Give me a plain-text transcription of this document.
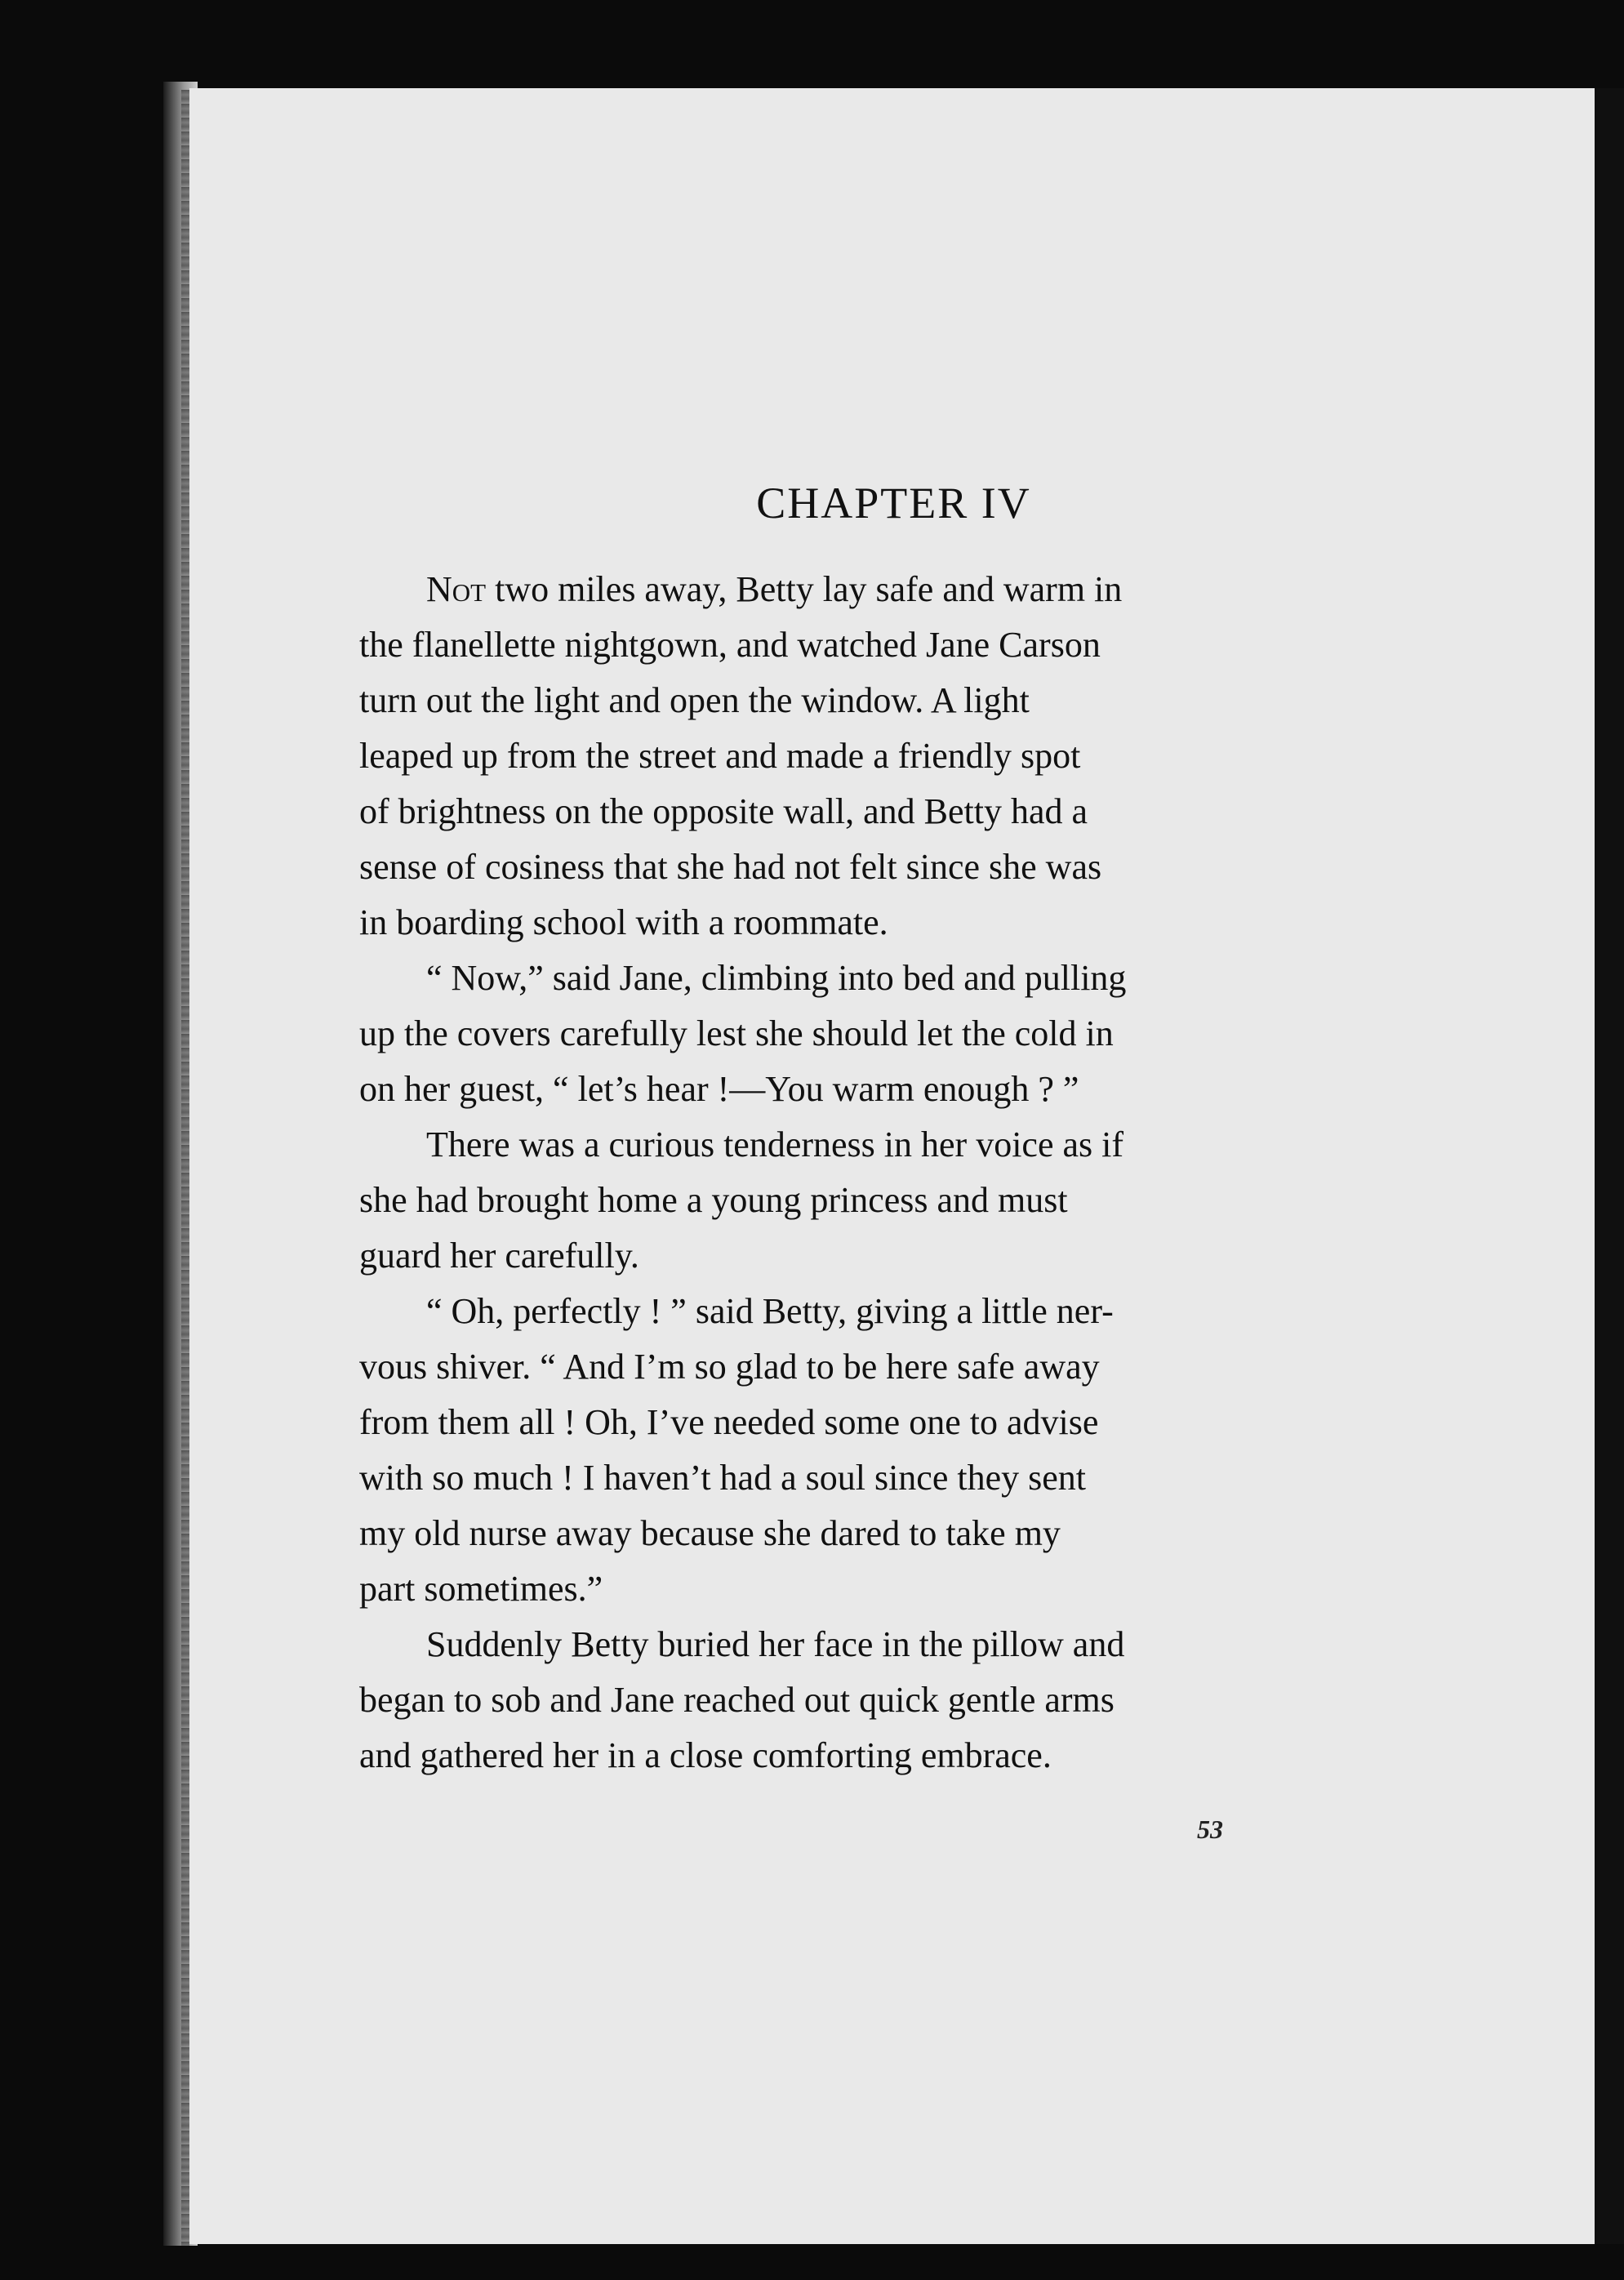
CHAPTER IV

Not two miles away, Betty lay safe and warm in
the flanellette nightgown, and watched Jane Carson
turn out the light and open the window. A light
leaped up from the street and made a friendly spot
of brightness on the opposite wall, and Betty had a
sense of cosiness that she had not felt since she was
in boarding school with a roommate.

“ Now,” said Jane, climbing into bed and pulling
up the covers carefully lest she should let the cold in
on her guest, “ let’s hear !—You warm enough ? ”

There was a curious tenderness in her voice as if
she had brought home a young princess and must
guard her carefully.

“ Oh, perfectly ! ” said Betty, giving a little ner-
vous shiver. “ And I’m so glad to be here safe away
from them all ! Oh, I’ve needed some one to advise
with so much ! I haven’t had a soul since they sent
my old nurse away because she dared to take my
part sometimes.”

Suddenly Betty buried her face in the pillow and
began to sob and Jane reached out quick gentle arms
and gathered her in a close comforting embrace.

53
